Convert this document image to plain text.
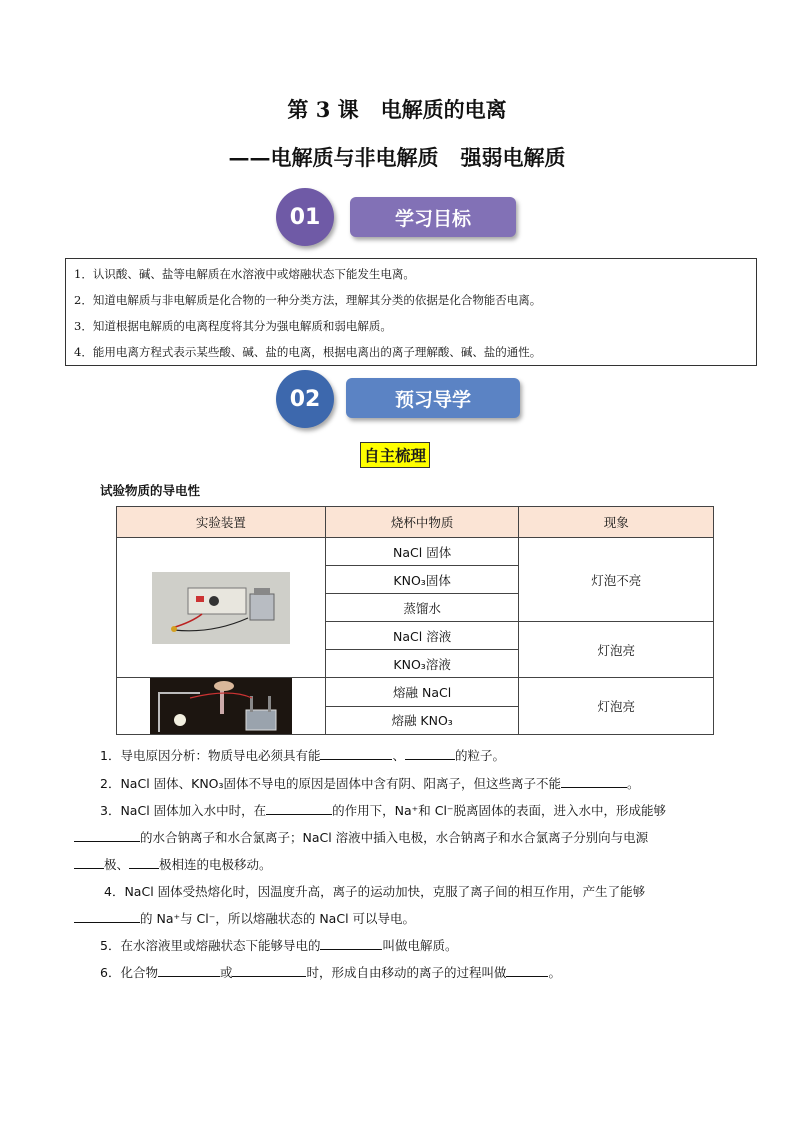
第 3 课   电解质的电离
——电解质与非电解质   强弱电解质
学习目标
01
1．认识酸、碱、盐等电解质在水溶液中或熔融状态下能发生电离。
2．知道电解质与非电解质是化合物的一种分类方法，理解其分类的依据是化合物能否电离。
3．知道根据电解质的电离程度将其分为强电解质和弱电解质。
4．能用电离方程式表示某些酸、碱、盐的电离，根据电离出的离子理解酸、碱、盐的通性。
预习导学
02
自主梳理
试验物质的导电性
实验装置	烧杯中物质	现象

	NaCl 固体	灯泡不亮
	KNO₃固体	
	蒸馏水	
	NaCl 溶液	灯泡亮
	KNO₃溶液	

	熔融 NaCl	灯泡亮
	熔融 KNO₃	
1．导电原因分析：物质导电必须具有能	、	的粒子。
2．NaCl 固体、KNO₃固体不导电的原因是固体中含有阴、阳离子，但这些离子不能	。
3．NaCl 固体加入水中时，在	的作用下，Na⁺和 Cl⁻脱离固体的表面，进入水中，形成能够
的水合钠离子和水合氯离子；NaCl 溶液中插入电极，水合钠离子和水合氯离子分别向与电源
极、 极相连的电极移动。
4．NaCl 固体受热熔化时，因温度升高，离子的运动加快，克服了离子间的相互作用，产生了能够
的 Na⁺与 Cl⁻，所以熔融状态的 NaCl 可以导电。
5．在水溶液里或熔融状态下能够导电的	叫做电解质。
6．化合物	或	时，形成自由移动的离子的过程叫做	。
